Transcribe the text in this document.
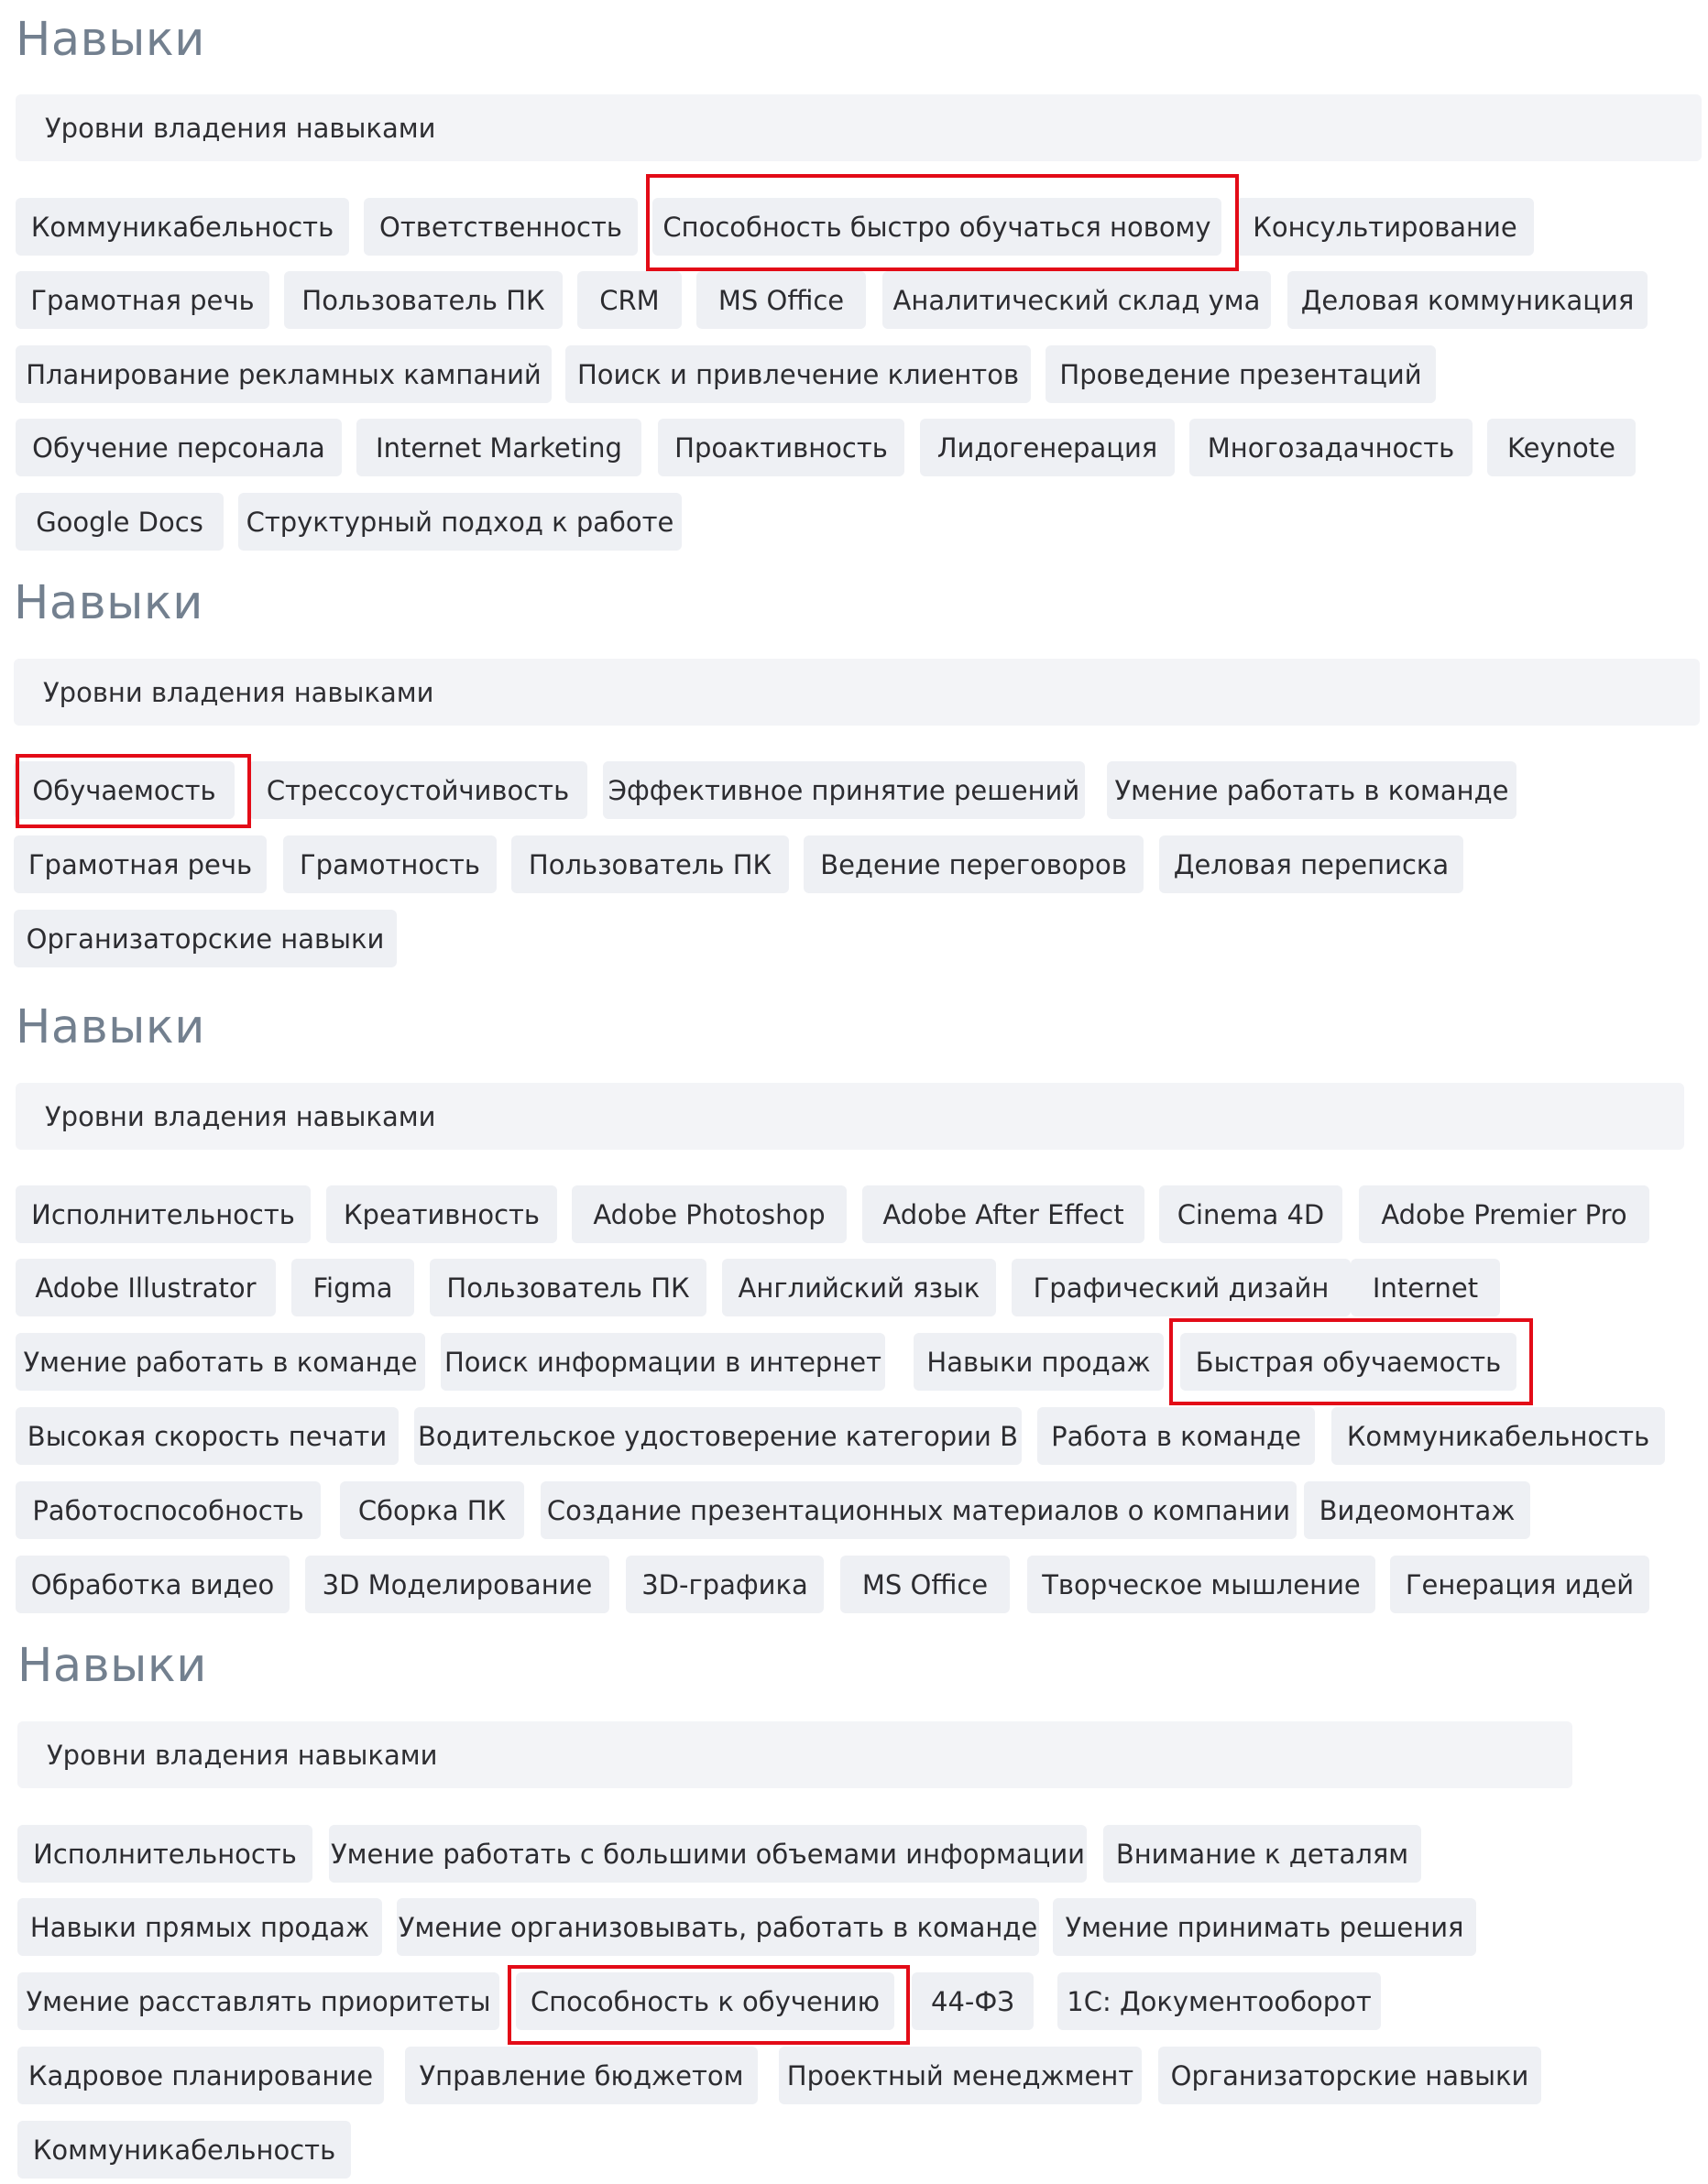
Навыки
Уровни владения навыками
Коммуникабельность	Ответственность	Способность быстро обучаться новому	Консультирование
Грамотная речь	Пользователь ПК	CRM	MS Office	Аналитический склад ума	Деловая коммуникация
Планирование рекламных кампаний	Поиск и привлечение клиентов	Проведение презентаций
Обучение персонала	Internet Marketing	Проактивность	Лидогенерация	Многозадачность	Keynote
Google Docs	Структурный подход к работе
Навыки
Уровни владения навыками
Обучаемость	Стрессоустойчивость	Эффективное принятие решений Умение работать в команде
Грамотная речь	Грамотность	Пользователь ПК	Ведение переговоров	Деловая переписка
Организаторские навыки
Навыки
Уровни владения навыками
Исполнительность	Креативность	Adobe Photoshop	Adobe After Effect	Cinema 4D	Adobe Premier Pro
Adobe Illustrator	Figma	Пользователь ПК	Английский язык	Графический дизайн	Internet
Умение работать в команде Поиск информации в интернет	Навыки продаж	Быстрая обучаемость
Высокая скорость печати	Водительское удостоверение категории B	Работа в команде	Коммуникабельность
Работоспособность	Сборка ПК	Создание презентационных материалов о компании	Видеомонтаж
Обработка видео	3D Моделирование	3D-графика	MS Office	Творческое мышление	Генерация идей
Навыки
Уровни владения навыками
Исполнительность	Умение работать с большими объемами информации	Внимание к деталям
Навыки прямых продаж	Умение организовывать, работать в команде	Умение принимать решения
Умение расставлять приоритеты	Способность к обучению	44-ФЗ	1С: Документооборот
Кадровое планирование	Управление бюджетом	Проектный менеджмент	Организаторские навыки
Коммуникабельность
